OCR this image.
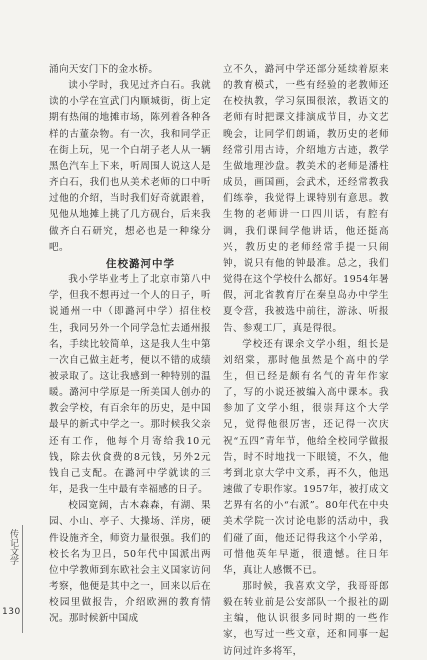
涌向天安门下的金水桥。

读小学时，我见过齐白石。我就读的小学在宣武门内顺城街，街上定期有热闹的地摊市场，陈列着各种各样的古董杂物。有一次，我和同学正在街上玩，见一个白胡子老人从一辆黑色汽车上下来，听周围人说这人是齐白石，我们也从美术老师的口中听过他的介绍，当时我们好奇就跟着，见他从地摊上挑了几方砚台，后来我做齐白石研究，想必也是一种缘分吧。

住校潞河中学

我小学毕业考上了北京市第八中学，但我不想再过一个人的日子，听说通州一中（即潞河中学）招住校生，我同另外一个同学急忙去通州报名，手续比较简单，这是我人生中第一次自己做主赶考，便以不错的成绩被录取了。这让我感到一种特别的温暖。潞河中学原是一所美国人创办的教会学校，有百余年的历史，是中国最早的新式中学之一。那时候我父亲还有工作，他每个月寄给我10元钱，除去伙食费的8元钱，另外2元钱自己支配。在潞河中学就读的三年，是我一生中最有幸福感的日子。

校园宽阔，古木森森，有湖、果园、小山、亭子、大操场、洋房，硬件设施齐全，师资力量很强。我们的校长名为卫吕，50年代中国派出两位中学教师到东欧社会主义国家访问考察，他便是其中之一，回来以后在校园里做报告，介绍欧洲的教育情况。那时候新中国成

立不久，潞河中学还部分延续着原来的教育模式，一些有经验的老教师还在校执教，学习氛围很浓，教语文的老师有时把课文排演成节目，办文艺晚会，让同学们朗诵，教历史的老师经常引用古诗，介绍地方古迹，教学生做地理沙盘。教美术的老师是潘柱成员，画国画，会武术，还经常教我们练拳，我觉得上课特别有意思。教生物的老师讲一口四川话，有腔有调，我们课间学他讲话，他还挺高兴，教历史的老师经常手提一只闹钟，说只有他的钟最准。总之，我们觉得在这个学校什么都好。1954年暑假，河北省教育厅在秦皇岛办中学生夏令营，我被选中前往，游泳、听报告、参观工厂，真是得很。

学校还有课余文学小组，组长是刘绍棠，那时他虽然是个高中的学生，但已经是颇有名气的青年作家了，写的小说还被编入高中课本。我参加了文学小组，很崇拜这个大学兄，觉得他很厉害，还记得一次庆祝“五四”青年节，他给全校同学做报告，时不时地找一下眼镜，不久，他考到北京大学中文系，再不久，他迅速做了专职作家。1957年，被打成文艺界有名的小“右派”。80年代在中央美术学院一次讨论电影的活动中，我们碰了面，他还记得我这个小学弟，可惜他英年早逝，很遗憾。往日年华，真让人感慨不已。

那时候，我喜欢文学，我哥哥郎毅在转业前是公安部队一个报社的副主编，他认识很多同时期的一些作家，也写过一些文章，还和同事一起访问过许多将军，

传记文学
130
